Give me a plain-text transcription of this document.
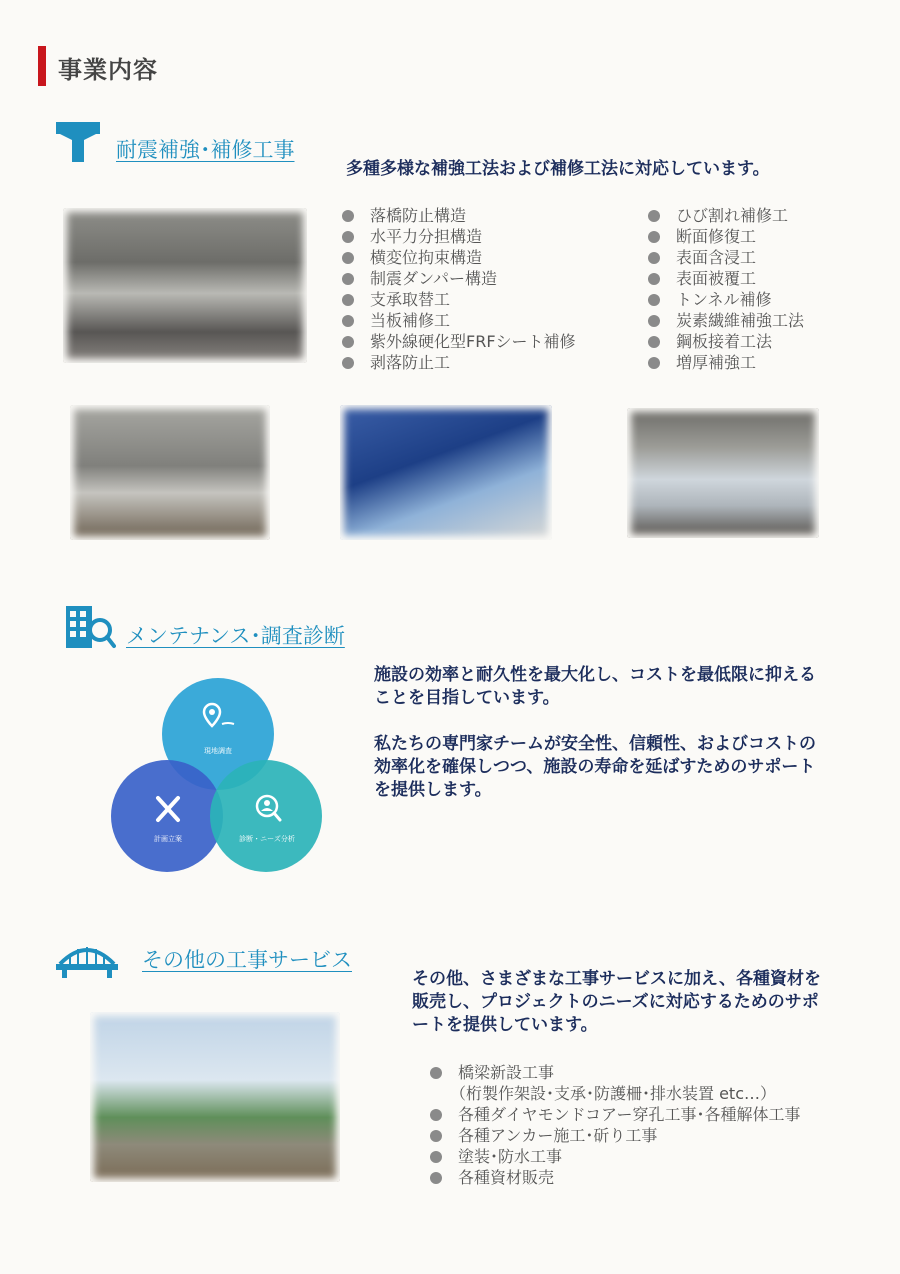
事業内容
耐震補強･補修工事
多種多様な補強工法および補修工法に対応しています。
落橋防止構造
水平力分担構造
横変位拘束構造
制震ダンパー構造
支承取替工
当板補修工
紫外線硬化型FRFシート補修
剥落防止工
ひび割れ補修工
断面修復工
表面含浸工
表面被覆工
トンネル補修
炭素繊維補強工法
鋼板接着工法
増厚補強工
メンテナンス･調査診断

施設の効率と耐久性を最大化し、コストを最低限に抑えることを目指しています。

私たちの専門家チームが安全性、信頼性、およびコストの効率化を確保しつつ、施設の寿命を延ばすためのサポートを提供します。

現地調査
計画立案	診断・ニーズ分析
その他の工事サービス
その他、さまざまな工事サービスに加え、各種資材を販売し、プロジェクトのニーズに対応するためのサポートを提供しています。
橋梁新設工事
（桁製作架設･支承･防護柵･排水装置 etc…）
各種ダイヤモンドコアー穿孔工事･各種解体工事
各種アンカー施工･斫り工事
塗装･防水工事
各種資材販売
